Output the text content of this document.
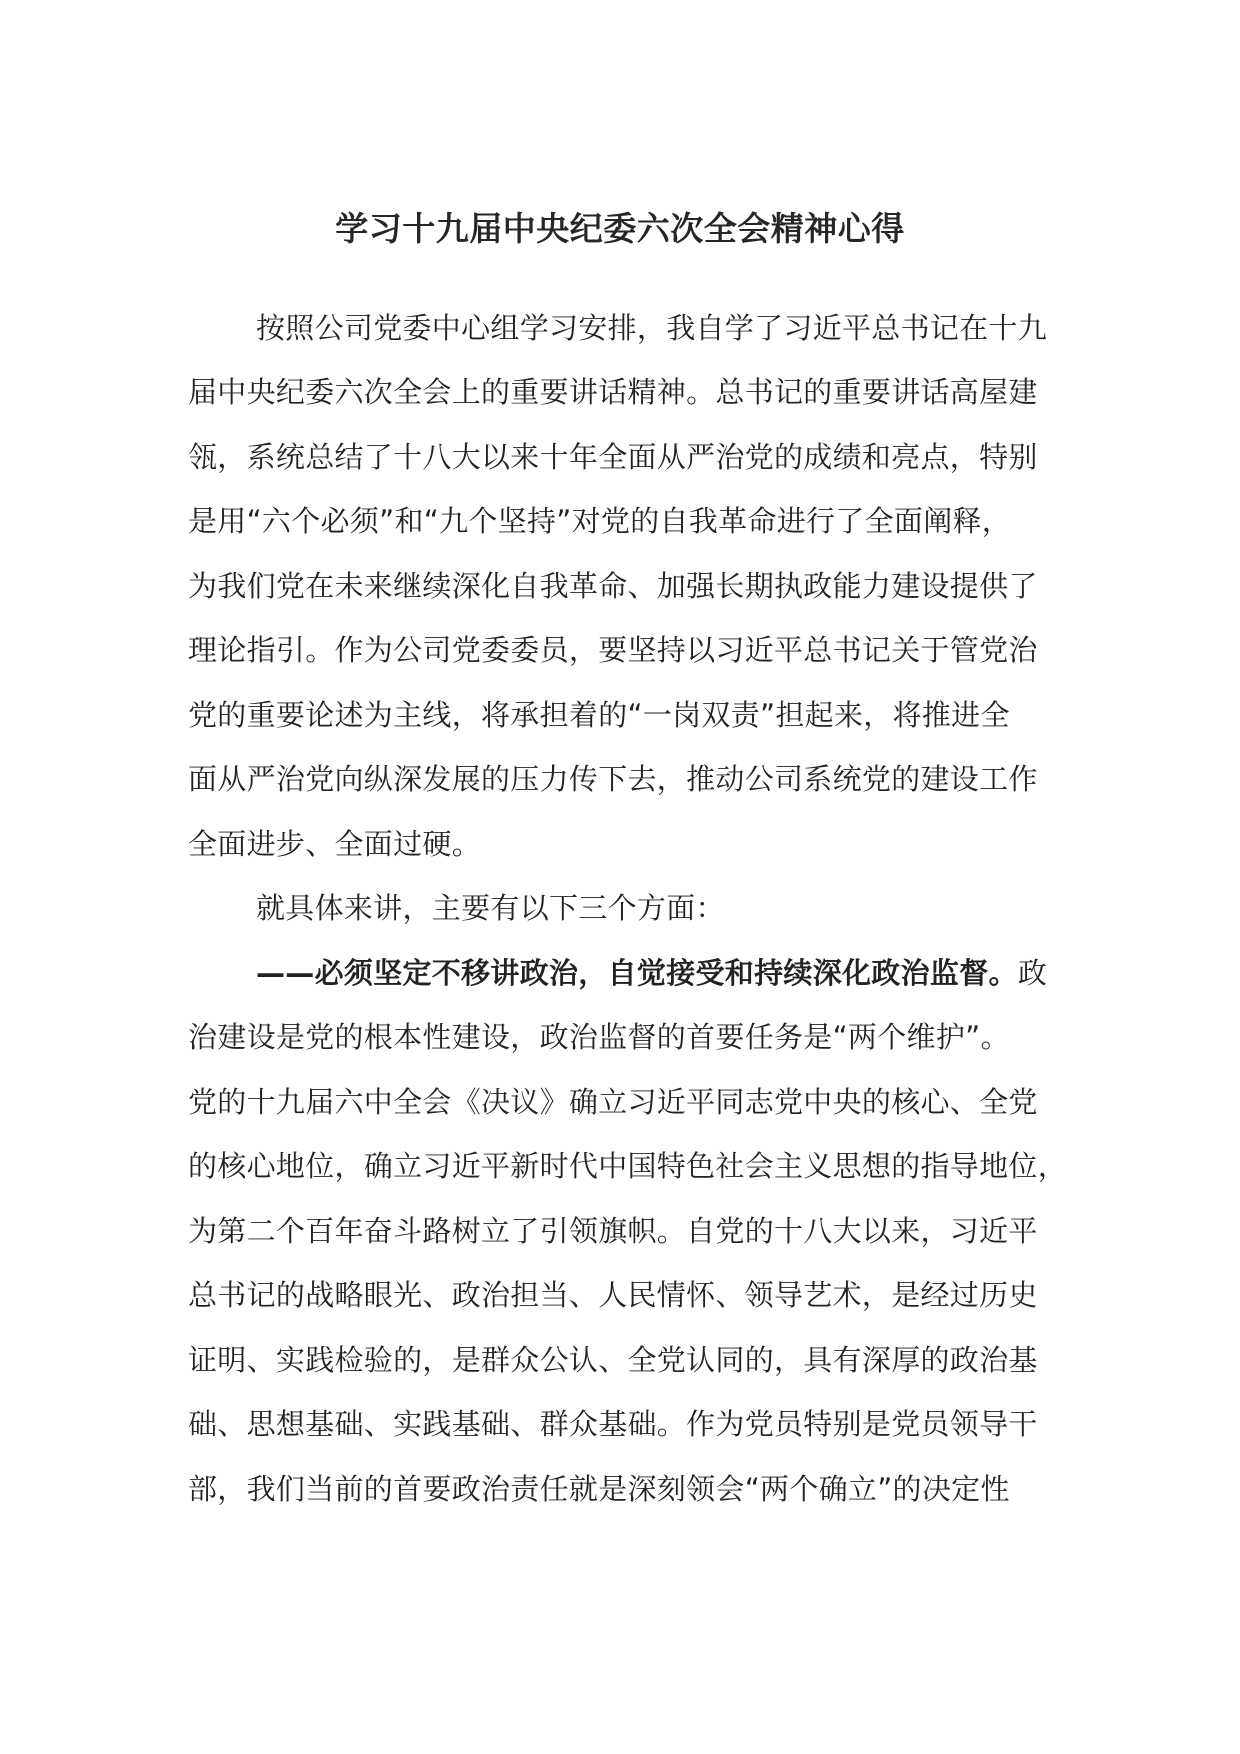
学习十九届中央纪委六次全会精神心得
按照公司党委中心组学习安排，我自学了习近平总书记在十九
届中央纪委六次全会上的重要讲话精神。总书记的重要讲话高屋建
瓴，系统总结了十八大以来十年全面从严治党的成绩和亮点，特别
是用“六个必须”和“九个坚持”对党的自我革命进行了全面阐释，
为我们党在未来继续深化自我革命、加强长期执政能力建设提供了
理论指引。作为公司党委委员，要坚持以习近平总书记关于管党治
党的重要论述为主线，将承担着的“一岗双责”担起来，将推进全
面从严治党向纵深发展的压力传下去，推动公司系统党的建设工作
全面进步、全面过硬。
就具体来讲，主要有以下三个方面：
——必须坚定不移讲政治，自觉接受和持续深化政治监督。政
治建设是党的根本性建设，政治监督的首要任务是“两个维护”。
党的十九届六中全会《决议》确立习近平同志党中央的核心、全党
的核心地位，确立习近平新时代中国特色社会主义思想的指导地位，
为第二个百年奋斗路树立了引领旗帜。自党的十八大以来，习近平
总书记的战略眼光、政治担当、人民情怀、领导艺术，是经过历史
证明、实践检验的，是群众公认、全党认同的，具有深厚的政治基
础、思想基础、实践基础、群众基础。作为党员特别是党员领导干
部，我们当前的首要政治责任就是深刻领会“两个确立”的决定性
